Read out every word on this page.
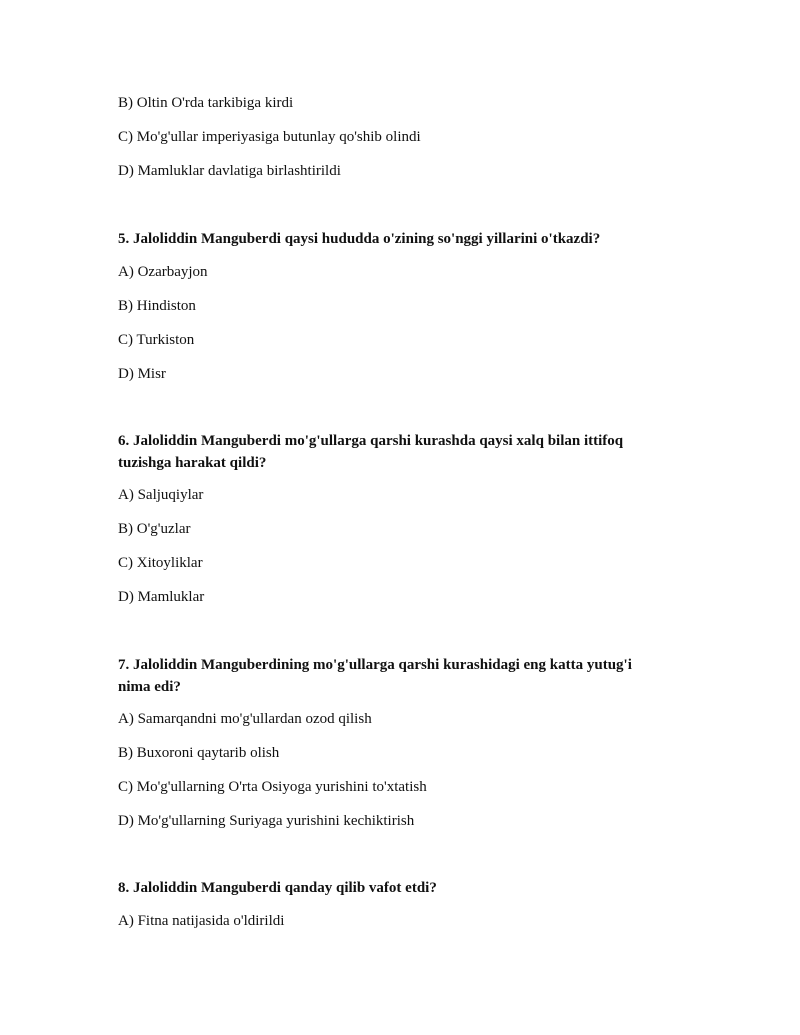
B) Oltin O'rda tarkibiga kirdi
C) Mo'g'ullar imperiyasiga butunlay qo'shib olindi
D) Mamluklar davlatiga birlashtirildi
5. Jaloliddin Manguberdi qaysi hududda o'zining so'nggi yillarini o'tkazdi?
A) Ozarbayjon
B) Hindiston
C) Turkiston
D) Misr
6. Jaloliddin Manguberdi mo'g'ullarga qarshi kurashda qaysi xalq bilan ittifoq
tuzishga harakat qildi?
A) Saljuqiylar
B) O'g'uzlar
C) Xitoyliklar
D) Mamluklar
7. Jaloliddin Manguberdining mo'g'ullarga qarshi kurashidagi eng katta yutug'i
nima edi?
A) Samarqandni mo'g'ullardan ozod qilish
B) Buxoroni qaytarib olish
C) Mo'g'ullarning O'rta Osiyoga yurishini to'xtatish
D) Mo'g'ullarning Suriyaga yurishini kechiktirish
8. Jaloliddin Manguberdi qanday qilib vafot etdi?
A) Fitna natijasida o'ldirildi
